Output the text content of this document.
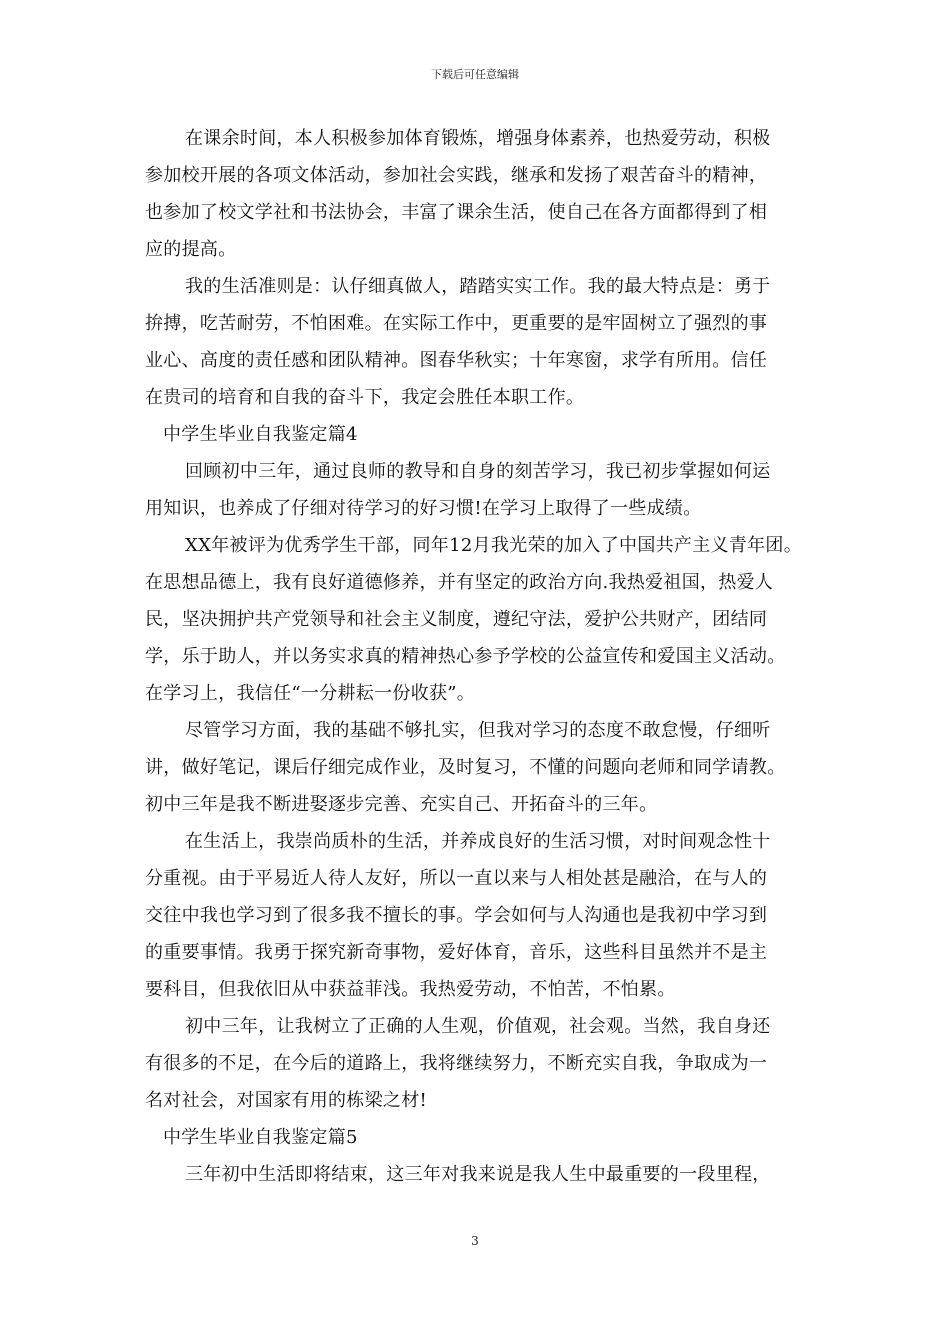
下载后可任意编辑
在课余时间，本人积极参加体育锻炼，增强身体素养，也热爱劳动，积极
参加校开展的各项文体活动，参加社会实践，继承和发扬了艰苦奋斗的精神，
也参加了校文学社和书法协会，丰富了课余生活，使自己在各方面都得到了相
应的提高。
我的生活准则是：认仔细真做人，踏踏实实工作。我的最大特点是：勇于
拚搏，吃苦耐劳，不怕困难。在实际工作中，更重要的是牢固树立了强烈的事
业心、高度的责任感和团队精神。图春华秋实；十年寒窗，求学有所用。信任
在贵司的培育和自我的奋斗下，我定会胜任本职工作。
中学生毕业自我鉴定篇4
回顾初中三年，通过良师的教导和自身的刻苦学习，我已初步掌握如何运
用知识，也养成了仔细对待学习的好习惯!在学习上取得了一些成绩。
XX年被评为优秀学生干部，同年12月我光荣的加入了中国共产主义青年团。
在思想品德上，我有良好道德修养，并有坚定的政治方向.我热爱祖国，热爱人
民，坚决拥护共产党领导和社会主义制度，遵纪守法，爱护公共财产，团结同
学，乐于助人，并以务实求真的精神热心参予学校的公益宣传和爱国主义活动。
在学习上，我信任“一分耕耘一份收获”。
尽管学习方面，我的基础不够扎实，但我对学习的态度不敢怠慢，仔细听
讲，做好笔记，课后仔细完成作业，及时复习，不懂的问题向老师和同学请教。
初中三年是我不断进娶逐步完善、充实自己、开拓奋斗的三年。
在生活上，我崇尚质朴的生活，并养成良好的生活习惯，对时间观念性十
分重视。由于平易近人待人友好，所以一直以来与人相处甚是融洽，在与人的
交往中我也学习到了很多我不擅长的事。学会如何与人沟通也是我初中学习到
的重要事情。我勇于探究新奇事物，爱好体育，音乐，这些科目虽然并不是主
要科目，但我依旧从中获益菲浅。我热爱劳动，不怕苦，不怕累。
初中三年，让我树立了正确的人生观，价值观，社会观。当然，我自身还
有很多的不足，在今后的道路上，我将继续努力，不断充实自我，争取成为一
名对社会，对国家有用的栋梁之材!
中学生毕业自我鉴定篇5
三年初中生活即将结束，这三年对我来说是我人生中最重要的一段里程，
3
